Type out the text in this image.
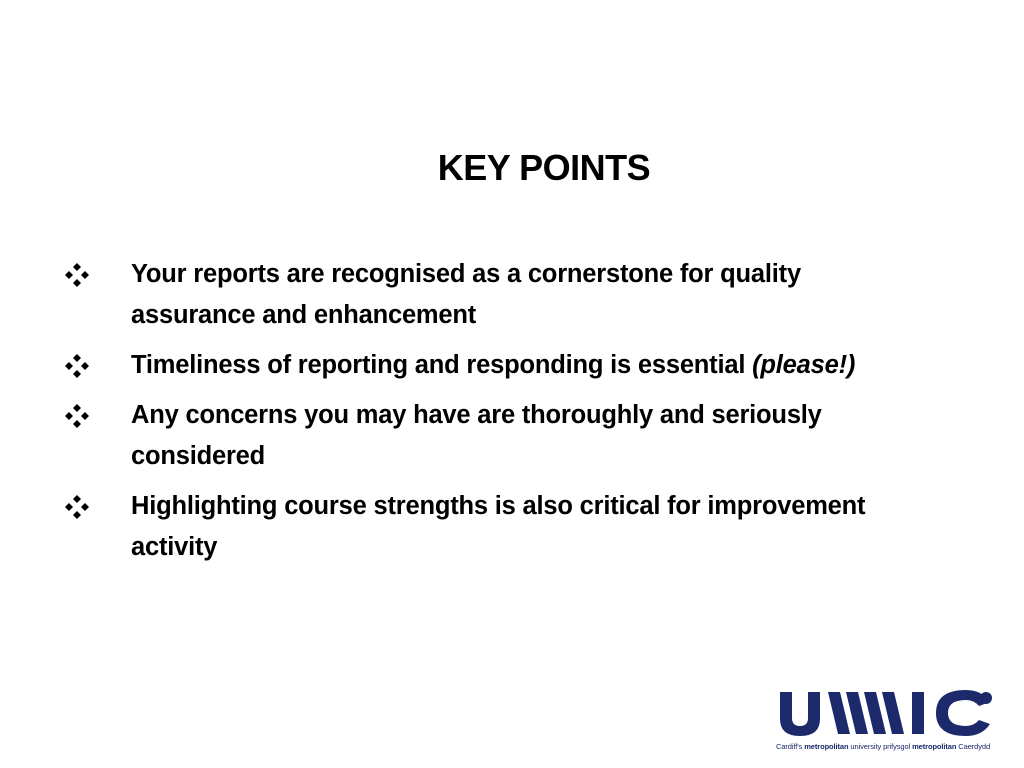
KEY POINTS
Your reports are recognised as a cornerstone for quality assurance and enhancement
Timeliness of reporting and responding is essential (please!)
Any concerns you may have are thoroughly and seriously considered
Highlighting course strengths is also critical for improvement activity
Cardiff's metropolitan university prifysgol metropolitan Caerdydd
